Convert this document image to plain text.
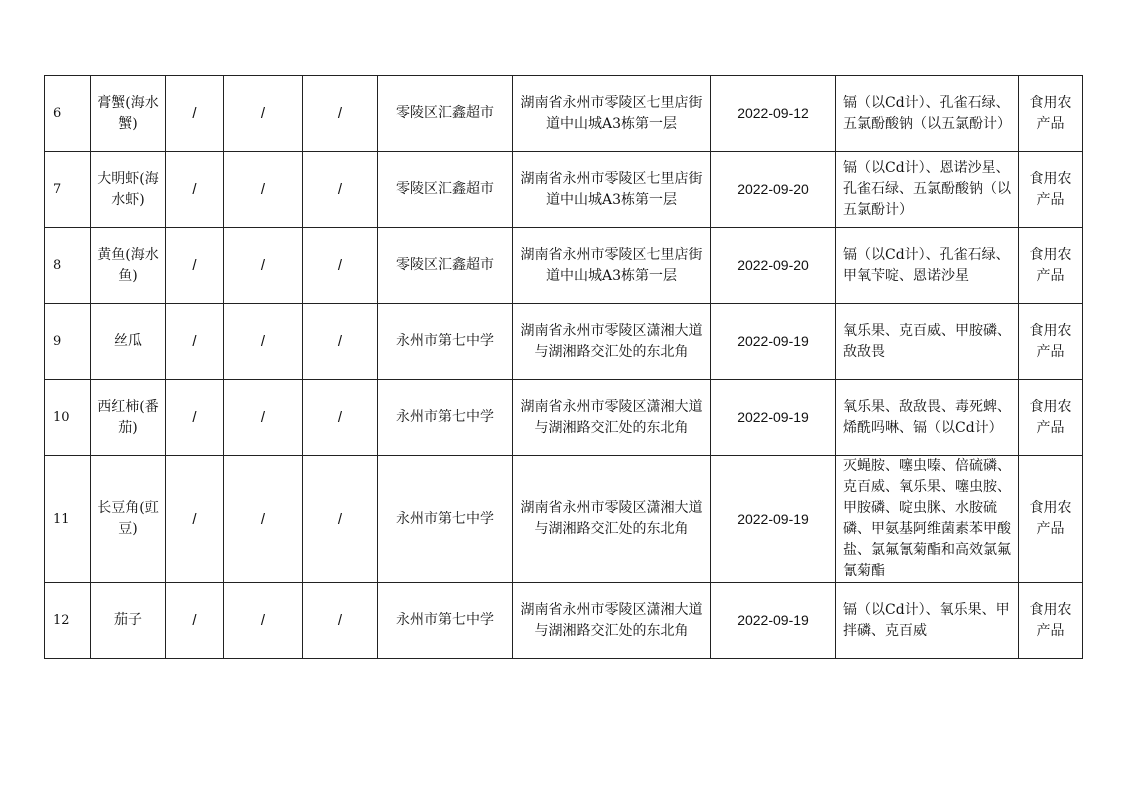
6	膏蟹(海水蟹)	/	/	/	零陵区汇鑫超市	湖南省永州市零陵区七里店街道中山城A3栋第一层	2022-09-12	镉（以Cd计）、孔雀石绿、五氯酚酸钠（以五氯酚计）	食用农产品
7	大明虾(海水虾)	/	/	/	零陵区汇鑫超市	湖南省永州市零陵区七里店街道中山城A3栋第一层	2022-09-20	镉（以Cd计）、恩诺沙星、孔雀石绿、五氯酚酸钠（以五氯酚计）	食用农产品
8	黄鱼(海水鱼)	/	/	/	零陵区汇鑫超市	湖南省永州市零陵区七里店街道中山城A3栋第一层	2022-09-20	镉（以Cd计）、孔雀石绿、甲氧苄啶、恩诺沙星	食用农产品
9	丝瓜	/	/	/	永州市第七中学	湖南省永州市零陵区潇湘大道与湖湘路交汇处的东北角	2022-09-19	氧乐果、克百威、甲胺磷、敌敌畏	食用农产品
10	西红柿(番茄)	/	/	/	永州市第七中学	湖南省永州市零陵区潇湘大道与湖湘路交汇处的东北角	2022-09-19	氧乐果、敌敌畏、毒死蜱、烯酰吗啉、镉（以Cd计）	食用农产品
11	长豆角(豇豆)	/	/	/	永州市第七中学	湖南省永州市零陵区潇湘大道与湖湘路交汇处的东北角	2022-09-19	灭蝇胺、噻虫嗪、倍硫磷、克百威、氧乐果、噻虫胺、甲胺磷、啶虫脒、水胺硫磷、甲氨基阿维菌素苯甲酸盐、氯氟氰菊酯和高效氯氟氰菊酯	食用农产品
12	茄子	/	/	/	永州市第七中学	湖南省永州市零陵区潇湘大道与湖湘路交汇处的东北角	2022-09-19	镉（以Cd计）、氧乐果、甲拌磷、克百威	食用农产品
